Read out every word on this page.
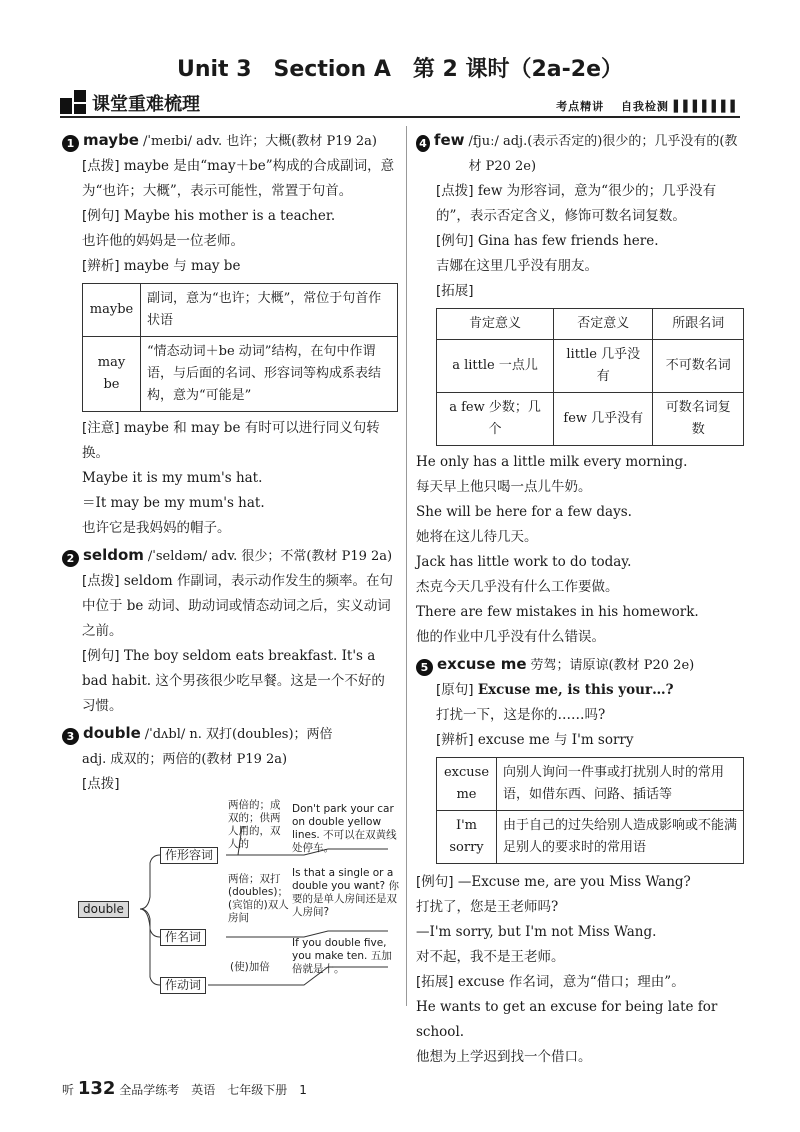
Unit 3　Section A　第 2 课时（2a-2e）
课堂重难梳理	考点精讲　 自我检测 ▌▌▌▌▌▌▌
1 maybe /ˈmeɪbi/ adv. 也许；大概(教材 P19 2a)
[点拨] maybe 是由“may＋be”构成的合成副词，意为“也许；大概”，表示可能性，常置于句首。
[例句] Maybe his mother is a teacher.
也许他的妈妈是一位老师。
[辨析] maybe 与 may be
maybe	副词，意为“也许；大概”，常位于句首作状语
may be	“情态动词＋be 动词”结构，在句中作谓语，与后面的名词、形容词等构成系表结构，意为“可能是”
[注意] maybe 和 may be 有时可以进行同义句转换。
Maybe it is my mum's hat.
＝It may be my mum's hat.
也许它是我妈妈的帽子。
2 seldom /ˈseldəm/ adv. 很少；不常(教材 P19 2a)
[点拨] seldom 作副词，表示动作发生的频率。在句中位于 be 动词、助动词或情态动词之后，实义动词之前。
[例句] The boy seldom eats breakfast. It's a bad habit. 这个男孩很少吃早餐。这是一个不好的习惯。
3 double /ˈdʌbl/ n. 双打(doubles)；两倍
adj. 成双的；两倍的(教材 P19 2a)
[点拨]
double
作形容词
作名词
作动词
两倍的；成双的；供两人用的，双人的
Don't park your car on double yellow lines. 不可以在双黄线处停车。
两倍；双打(doubles)；(宾馆的)双人房间
Is that a single or a double you want? 你要的是单人房间还是双人房间?
(使)加倍
If you double five, you make ten. 五加倍就是十。
4 few /fjuː/ adj.(表示否定的)很少的；几乎没有的(教材 P20 2e)
[点拨] few 为形容词，意为“很少的；几乎没有的”，表示否定含义，修饰可数名词复数。
[例句] Gina has few friends here.
吉娜在这里几乎没有朋友。
[拓展]
肯定意义	否定意义	所跟名词
a little 一点儿	little 几乎没有	不可数名词
a few 少数；几个	few 几乎没有	可数名词复数
He only has a little milk every morning.
每天早上他只喝一点儿牛奶。
She will be here for a few days.
她将在这儿待几天。
Jack has little work to do today.
杰克今天几乎没有什么工作要做。
There are few mistakes in his homework.
他的作业中几乎没有什么错误。
5 excuse me 劳驾；请原谅(教材 P20 2e)
[原句] Excuse me, is this your…?
打扰一下，这是你的……吗?
[辨析] excuse me 与 I'm sorry
excuse me	向别人询问一件事或打扰别人时的常用语，如借东西、问路、插话等
I'm sorry	由于自己的过失给别人造成影响或不能满足别人的要求时的常用语
[例句] —Excuse me, are you Miss Wang?
打扰了，您是王老师吗?
—I'm sorry, but I'm not Miss Wang.
对不起，我不是王老师。
[拓展] excuse 作名词，意为“借口；理由”。
He wants to get an excuse for being late for school.
他想为上学迟到找一个借口。
听 132 全品学练考　英语　七年级下册　1
